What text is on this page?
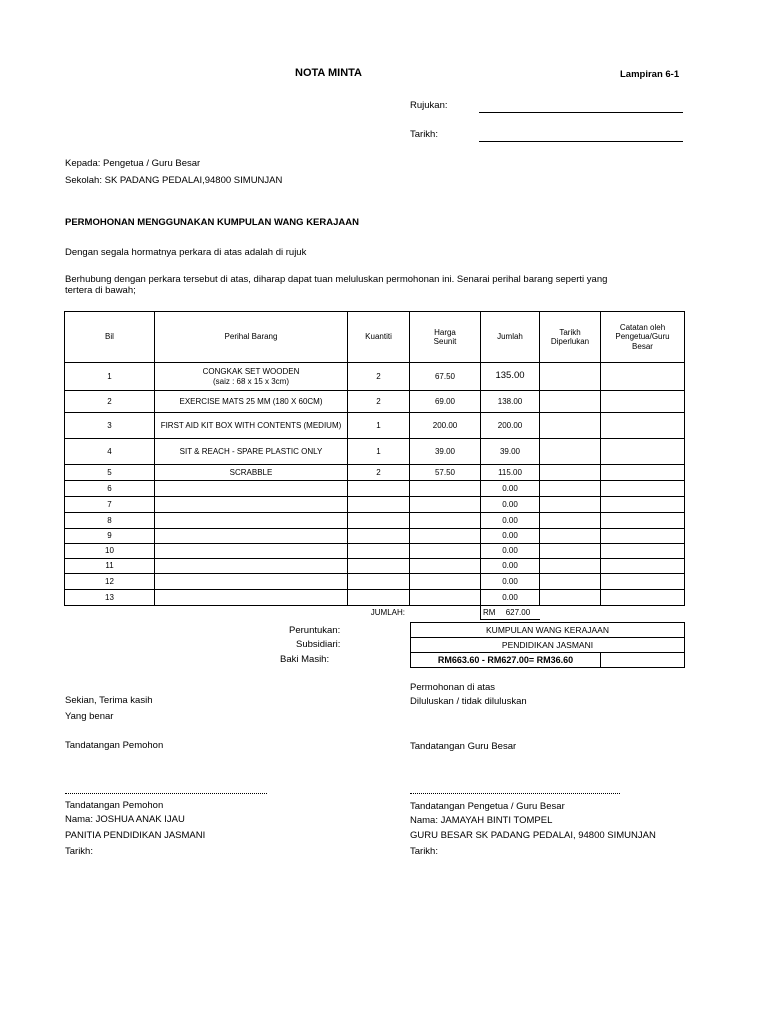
NOTA MINTA	Lampiran 6-1
Rujukan:
Tarikh:
Kepada: Pengetua / Guru Besar
Sekolah: SK PADANG PEDALAI,94800 SIMUNJAN
PERMOHONAN MENGGUNAKAN KUMPULAN WANG KERAJAAN
Dengan segala hormatnya perkara di atas adalah di rujuk
Berhubung dengan perkara tersebut di atas, diharap dapat tuan meluluskan permohonan ini. Senarai perihal barang seperti yang
tertera di bawah;
Bil	Perihal Barang	Kuantiti	Harga Seunit	Jumlah	Tarikh Diperlukan	Catatan oleh Pengetua/Guru Besar
1	CONGKAK SET WOODEN
(saiz : 68 x 15 x 3cm)	2	67.50	135.00		
2	EXERCISE MATS 25 MM (180 X 60CM)	2	69.00	138.00		
3	FIRST AID KIT BOX WITH CONTENTS (MEDIUM)	1	200.00	200.00		
4	SIT & REACH - SPARE PLASTIC ONLY	1	39.00	39.00		
5	SCRABBLE	2	57.50	115.00		
6				0.00		
7				0.00		
8				0.00		
9				0.00		
10				0.00		
11				0.00		
12				0.00		
13				0.00		
JUMLAH:				RM 627.00		
Peruntukan:
Subsidiari:
Baki Masih:
KUMPULAN WANG KERAJAAN
PENDIDIKAN JASMANI
RM663.60 - RM627.00= RM36.60	
Permohonan di atas
Diluluskan / tidak diluluskan
Sekian, Terima kasih
Yang benar
Tandatangan Pemohon	Tandatangan Guru Besar
Tandatangan Pemohon
Nama: JOSHUA ANAK IJAU
PANITIA PENDIDIKAN JASMANI
Tarikh:
Tandatangan Pengetua / Guru Besar
Nama: JAMAYAH BINTI TOMPEL
GURU BESAR SK PADANG PEDALAI, 94800 SIMUNJAN
Tarikh:
